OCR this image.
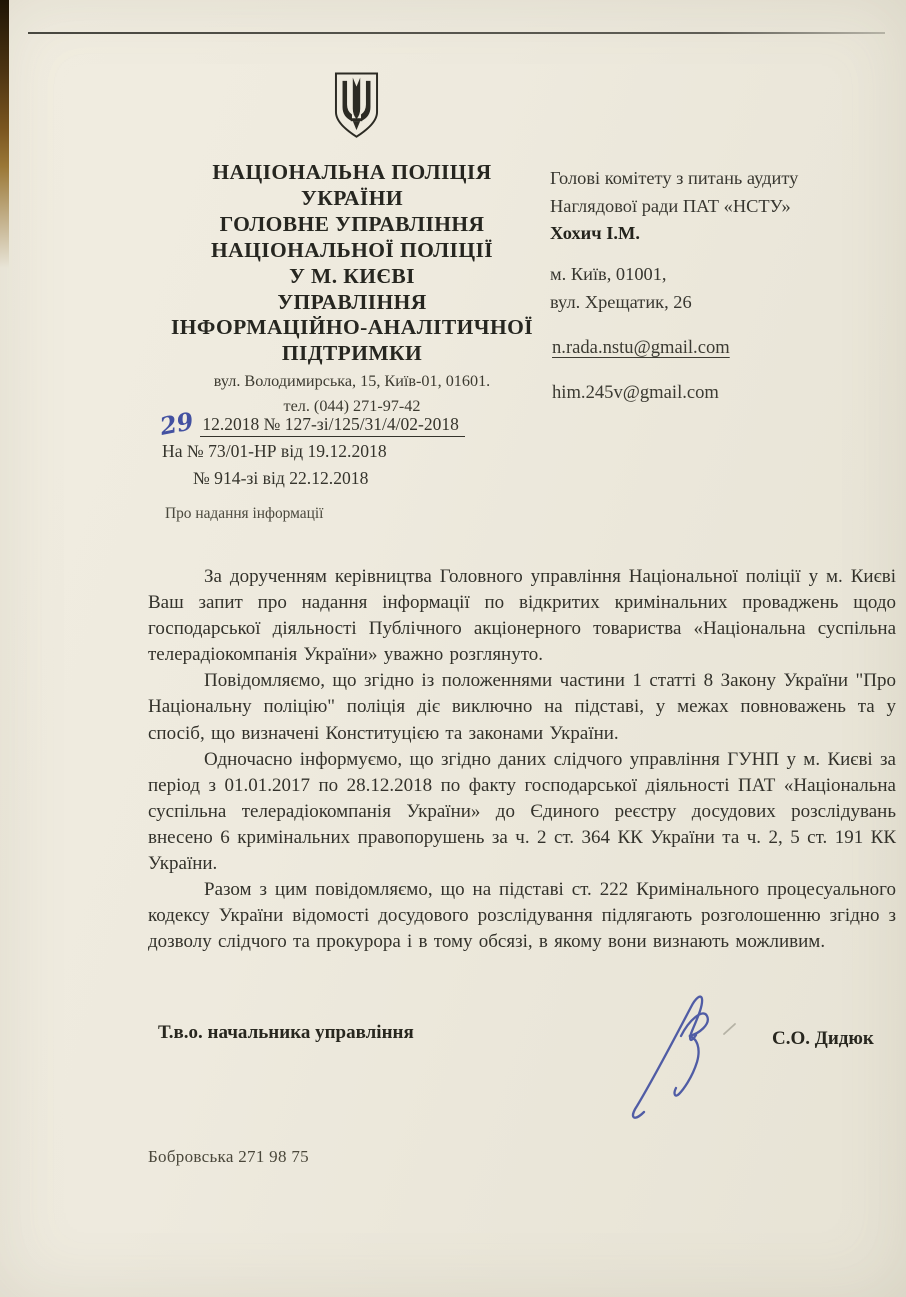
НАЦІОНАЛЬНА ПОЛІЦІЯ
УКРАЇНИ
ГОЛОВНЕ УПРАВЛІННЯ
НАЦІОНАЛЬНОЇ ПОЛІЦІЇ
У М. КИЄВІ
УПРАВЛІННЯ
ІНФОРМАЦІЙНО-АНАЛІТИЧНОЇ
ПІДТРИМКИ
вул. Володимирська, 15, Київ-01, 01601.
тел. (044) 271-97-42
29 12.2018 № 127-зі/125/31/4/02-2018
На № 73/01-НР від 19.12.2018
№ 914-зі від 22.12.2018
Про надання інформації
Голові комітету з питань аудиту
Наглядової ради ПАТ «НСТУ»
Хохич І.М.
м. Київ, 01001,
вул. Хрещатик, 26
n.rada.nstu@gmail.com
him.245v@gmail.com

За дорученням керівництва Головного управління Національної поліції у м. Києві Ваш запит про надання інформації по відкритих кримінальних проваджень щодо господарської діяльності Публічного акціонерного товариства «Національна суспільна телерадіокомпанія України» уважно розглянуто.

Повідомляємо, що згідно із положеннями частини 1 статті 8 Закону України "Про Національну поліцію" поліція діє виключно на підставі, у межах повноважень та у спосіб, що визначені Конституцією та законами України.

Одночасно інформуємо, що згідно даних слідчого управління ГУНП у м. Києві за період з 01.01.2017 по 28.12.2018 по факту господарської діяльності ПАТ «Національна суспільна телерадіокомпанія України» до Єдиного реєстру досудових розслідувань внесено 6 кримінальних правопорушень за ч. 2 ст. 364 КК України та ч. 2, 5 ст. 191 КК України.

Разом з цим повідомляємо, що на підставі ст. 222 Кримінального процесуального кодексу України відомості досудового розслідування підлягають розголошенню згідно з дозволу слідчого та прокурора і в тому обсязі, в якому вони визнають можливим.

Т.в.о. начальника управління	С.О. Дидюк
Бобровська 271 98 75
